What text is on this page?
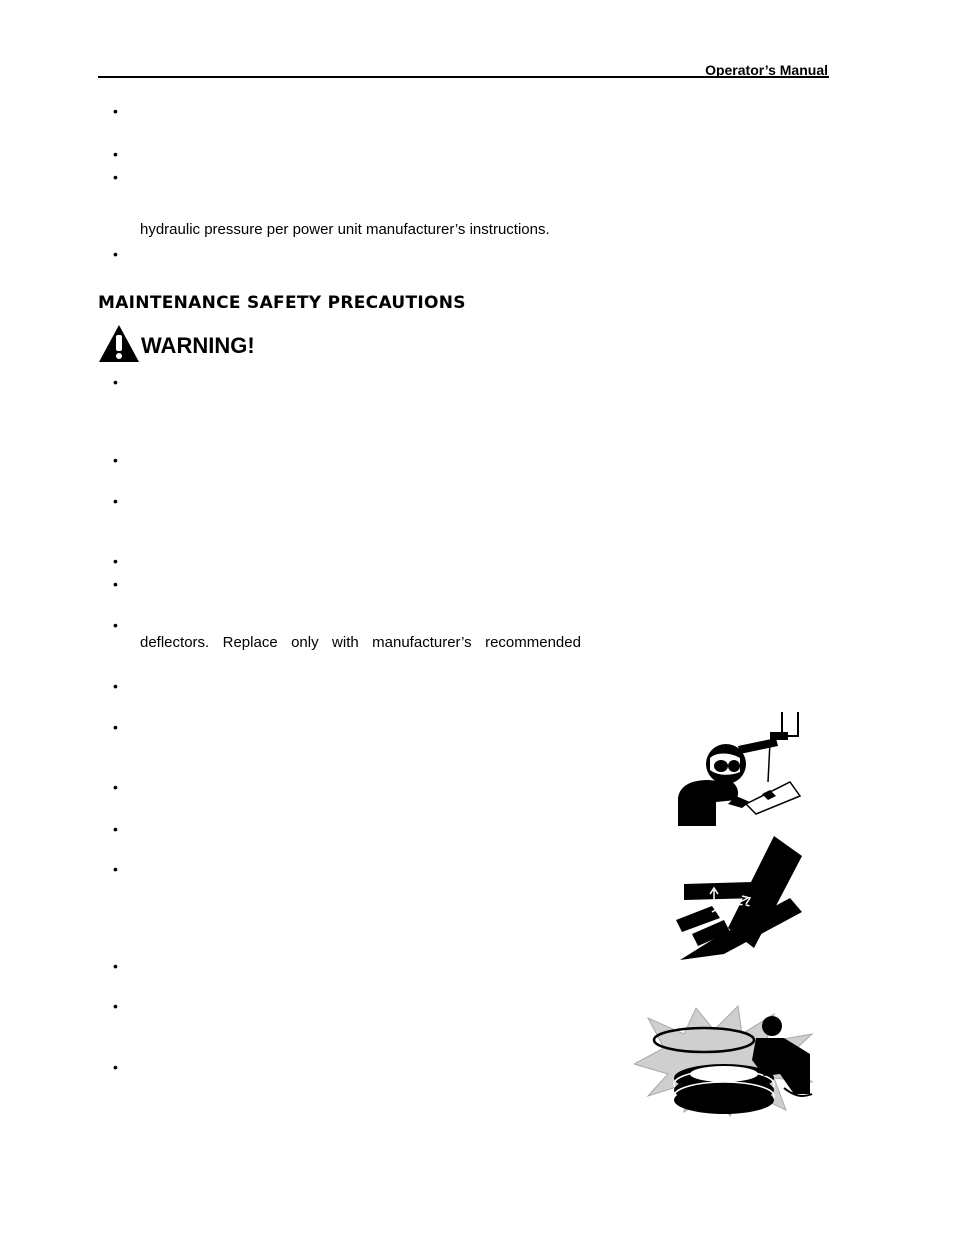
Operator’s Manual
•
•
•
hydraulic pressure per power unit manufacturer’s instructions.
•
MAINTENANCE SAFETY PRECAUTIONS
WARNING!
•
•
•
•
•
•
deflectors. Replace only with manufacturer’s recommended
•
•
•
•
•
•
•
•
